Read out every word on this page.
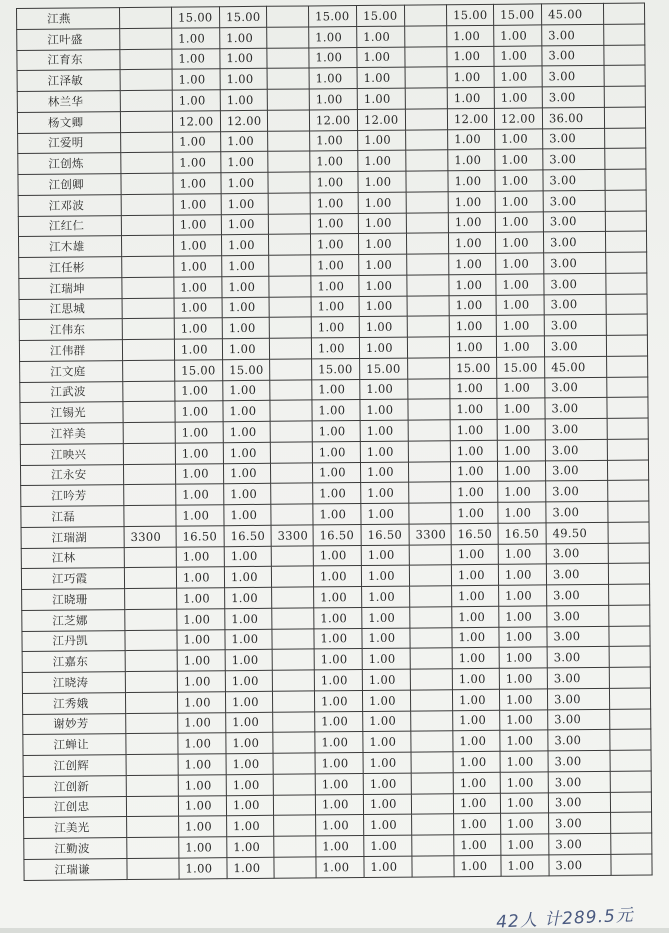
江燕		15.00	15.00		15.00	15.00		15.00	15.00	45.00	
江叶盛		1.00	1.00		1.00	1.00		1.00	1.00	3.00	
江育东		1.00	1.00		1.00	1.00		1.00	1.00	3.00	
江泽敏		1.00	1.00		1.00	1.00		1.00	1.00	3.00	
林兰华		1.00	1.00		1.00	1.00		1.00	1.00	3.00	
杨文卿		12.00	12.00		12.00	12.00		12.00	12.00	36.00	
江爱明		1.00	1.00		1.00	1.00		1.00	1.00	3.00	
江创炼		1.00	1.00		1.00	1.00		1.00	1.00	3.00	
江创卿		1.00	1.00		1.00	1.00		1.00	1.00	3.00	
江邓波		1.00	1.00		1.00	1.00		1.00	1.00	3.00	
江红仁		1.00	1.00		1.00	1.00		1.00	1.00	3.00	
江木雄		1.00	1.00		1.00	1.00		1.00	1.00	3.00	
江任彬		1.00	1.00		1.00	1.00		1.00	1.00	3.00	
江瑞坤		1.00	1.00		1.00	1.00		1.00	1.00	3.00	
江思城		1.00	1.00		1.00	1.00		1.00	1.00	3.00	
江伟东		1.00	1.00		1.00	1.00		1.00	1.00	3.00	
江伟群		1.00	1.00		1.00	1.00		1.00	1.00	3.00	
江文庭		15.00	15.00		15.00	15.00		15.00	15.00	45.00	
江武波		1.00	1.00		1.00	1.00		1.00	1.00	3.00	
江锡光		1.00	1.00		1.00	1.00		1.00	1.00	3.00	
江祥美		1.00	1.00		1.00	1.00		1.00	1.00	3.00	
江映兴		1.00	1.00		1.00	1.00		1.00	1.00	3.00	
江永安		1.00	1.00		1.00	1.00		1.00	1.00	3.00	
江吟芳		1.00	1.00		1.00	1.00		1.00	1.00	3.00	
江磊		1.00	1.00		1.00	1.00		1.00	1.00	3.00	
江瑞湖	3300	16.50	16.50	3300	16.50	16.50	3300	16.50	16.50	49.50	
江林		1.00	1.00		1.00	1.00		1.00	1.00	3.00	
江巧霞		1.00	1.00		1.00	1.00		1.00	1.00	3.00	
江晓珊		1.00	1.00		1.00	1.00		1.00	1.00	3.00	
江芝娜		1.00	1.00		1.00	1.00		1.00	1.00	3.00	
江丹凯		1.00	1.00		1.00	1.00		1.00	1.00	3.00	
江嘉东		1.00	1.00		1.00	1.00		1.00	1.00	3.00	
江晓涛		1.00	1.00		1.00	1.00		1.00	1.00	3.00	
江秀娥		1.00	1.00		1.00	1.00		1.00	1.00	3.00	
谢妙芳		1.00	1.00		1.00	1.00		1.00	1.00	3.00	
江蝉让		1.00	1.00		1.00	1.00		1.00	1.00	3.00	
江创辉		1.00	1.00		1.00	1.00		1.00	1.00	3.00	
江创新		1.00	1.00		1.00	1.00		1.00	1.00	3.00	
江创忠		1.00	1.00		1.00	1.00		1.00	1.00	3.00	
江美光		1.00	1.00		1.00	1.00		1.00	1.00	3.00	
江勤波		1.00	1.00		1.00	1.00		1.00	1.00	3.00	
江瑞谦		1.00	1.00		1.00	1.00		1.00	1.00	3.00	
42人 计289.5元
